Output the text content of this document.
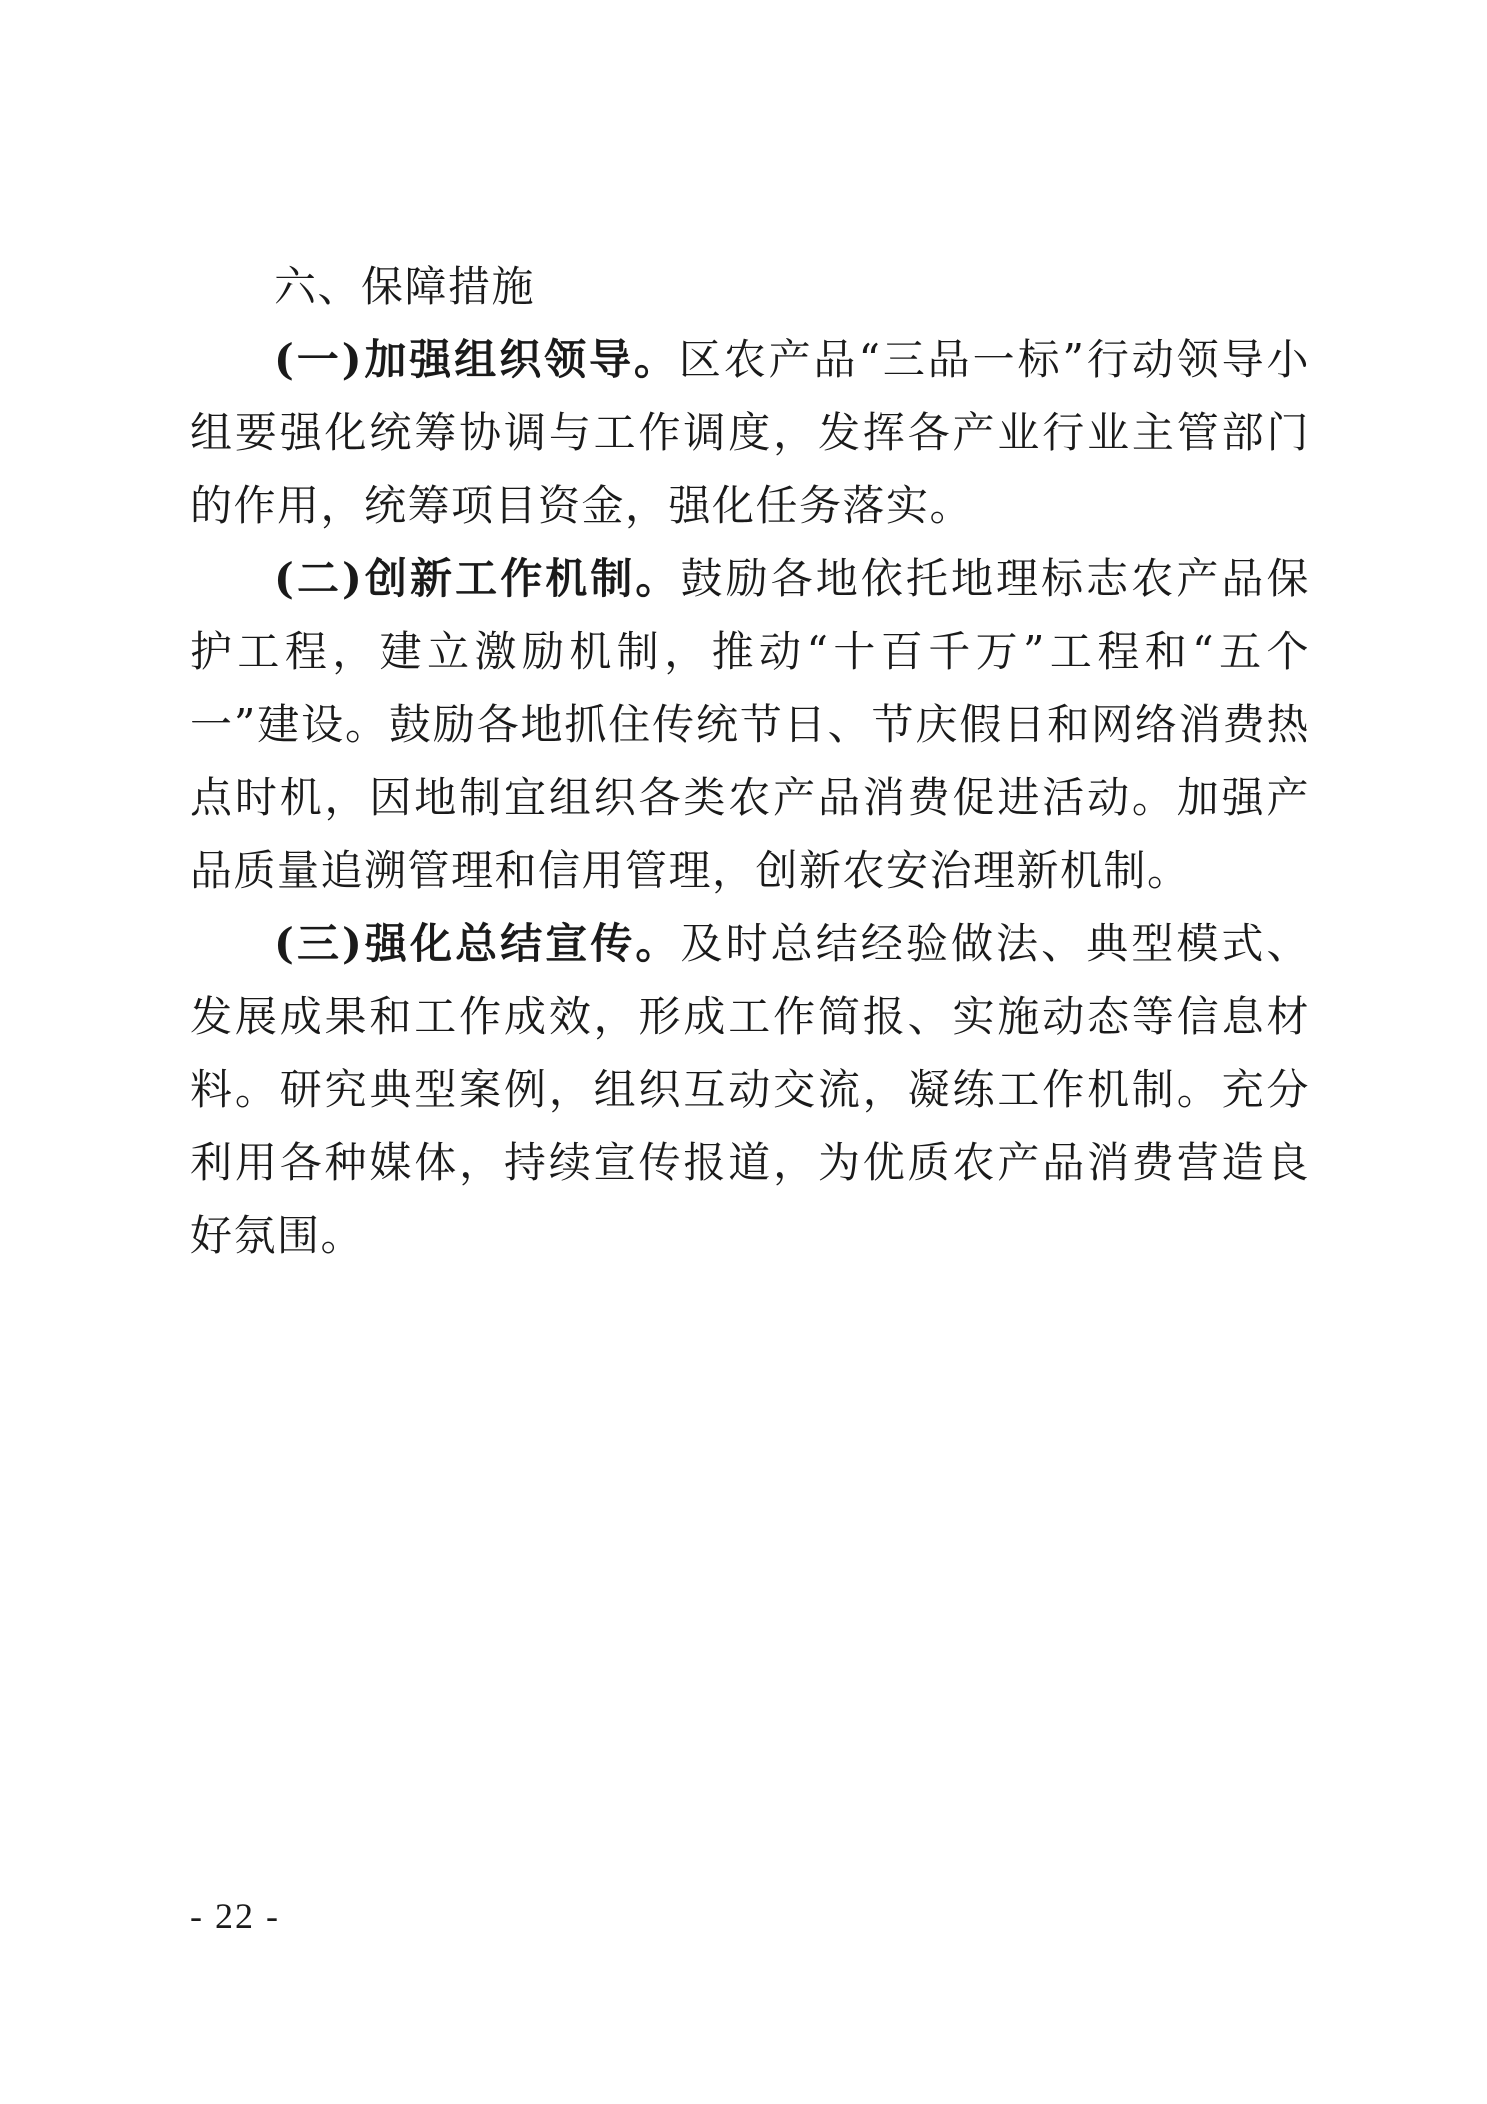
六、保障措施

(一)加强组织领导。区农产品“三品一标”行动领导小组要强化统筹协调与工作调度，发挥各产业行业主管部门的作用，统筹项目资金，强化任务落实。

(二)创新工作机制。鼓励各地依托地理标志农产品保护工程，建立激励机制，推动“十百千万”工程和“五个一”建设。鼓励各地抓住传统节日、节庆假日和网络消费热点时机，因地制宜组织各类农产品消费促进活动。加强产品质量追溯管理和信用管理，创新农安治理新机制。

(三)强化总结宣传。及时总结经验做法、典型模式、发展成果和工作成效，形成工作简报、实施动态等信息材料。研究典型案例，组织互动交流，凝练工作机制。充分利用各种媒体，持续宣传报道，为优质农产品消费营造良好氛围。

- 22 -
